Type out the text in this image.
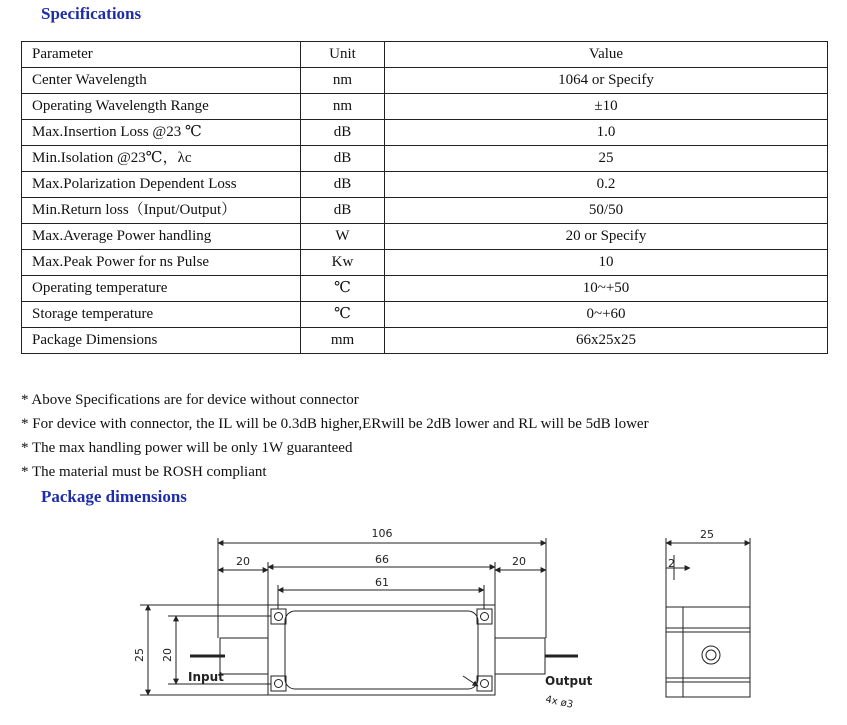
Specifications
Parameter	Unit	Value
Center Wavelength	nm	1064 or Specify
Operating Wavelength Range	nm	±10
Max.Insertion Loss @23 ℃	dB	1.0
Min.Isolation @23℃，λc	dB	25
Max.Polarization Dependent Loss	dB	0.2
Min.Return loss（Input/Output）	dB	50/50
Max.Average Power handling	W	20 or Specify
Max.Peak Power for ns Pulse	Kw	10
Operating temperature	℃	10~+50
Storage temperature	℃	0~+60
Package Dimensions	mm	66x25x25
* Above Specifications are for device without connector
* For device with connector, the IL will be 0.3dB higher,ERwill be 2dB lower and RL will be 5dB lower
* The max handling power will be only 1W guaranteed
* The material must be ROSH compliant
Package dimensions
106
20	66	20
61
25 20
Input	Output
4x ø3
25
2
